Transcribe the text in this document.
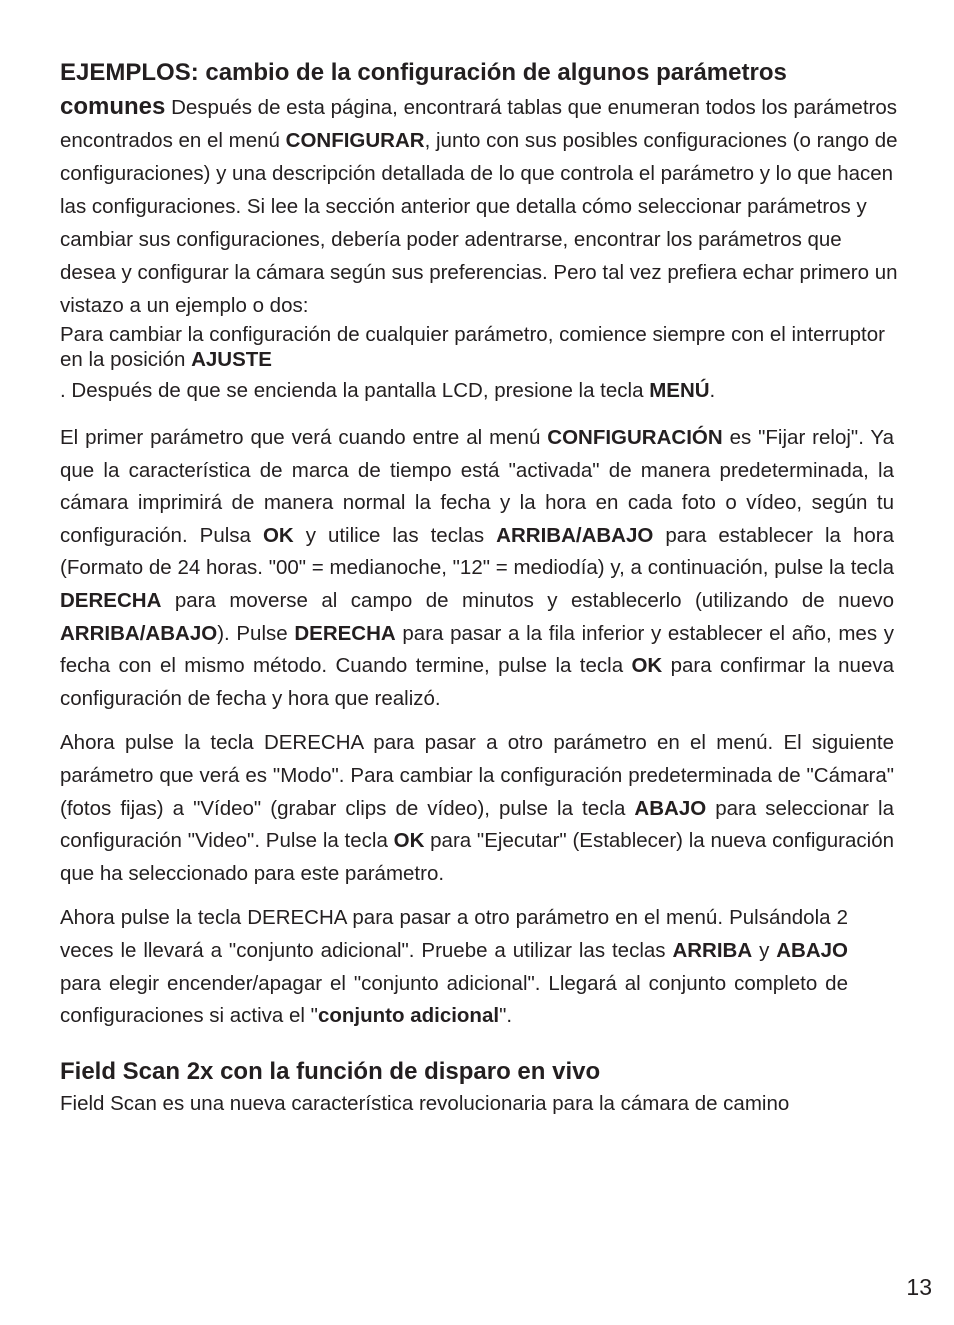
EJEMPLOS: cambio de la configuración de algunos parámetros

comunes Después de esta página, encontrará tablas que enumeran todos los parámetros encontrados en el menú CONFIGURAR, junto con sus posibles configuraciones (o rango de configuraciones) y una descripción detallada de lo que controla el parámetro y lo que hacen las configuraciones. Si lee la sección anterior que detalla cómo seleccionar parámetros y cambiar sus configuraciones, debería poder adentrarse, encontrar los parámetros que desea y configurar la cámara según sus preferencias. Pero tal vez prefiera echar primero un vistazo a un ejemplo o dos:

Para cambiar la configuración de cualquier parámetro, comience siempre con el interruptor en la posición AJUSTE

. Después de que se encienda la pantalla LCD, presione la tecla MENÚ.

El primer parámetro que verá cuando entre al menú CONFIGURACIÓN es "Fijar reloj". Ya que la característica de marca de tiempo está "activada" de manera predeterminada, la cámara imprimirá de manera normal la fecha y la hora en cada foto o vídeo, según tu configuración. Pulsa OK y utilice las teclas ARRIBA/ABAJO para establecer la hora (Formato de 24 horas. "00" = medianoche, "12" = mediodía) y, a continuación, pulse la tecla DERECHA para moverse al campo de minutos y establecerlo (utilizando de nuevo ARRIBA/ABAJO). Pulse DERECHA para pasar a la fila inferior y establecer el año, mes y fecha con el mismo método. Cuando termine, pulse la tecla OK para confirmar la nueva configuración de fecha y hora que realizó.

Ahora pulse la tecla DERECHA para pasar a otro parámetro en el menú. El siguiente parámetro que verá es "Modo". Para cambiar la configuración predeterminada de "Cámara" (fotos fijas) a "Vídeo" (grabar clips de vídeo), pulse la tecla ABAJO para seleccionar la configuración "Video". Pulse la tecla OK para "Ejecutar" (Establecer) la nueva configuración que ha seleccionado para este parámetro.

Ahora pulse la tecla DERECHA para pasar a otro parámetro en el menú. Pulsándola 2 veces le llevará a "conjunto adicional". Pruebe a utilizar las teclas ARRIBA y ABAJO para elegir encender/apagar el "conjunto adicional". Llegará al conjunto completo de configuraciones si activa el "conjunto adicional".

Field Scan 2x con la función de disparo en vivo

Field Scan es una nueva característica revolucionaria para la cámara de camino

13
